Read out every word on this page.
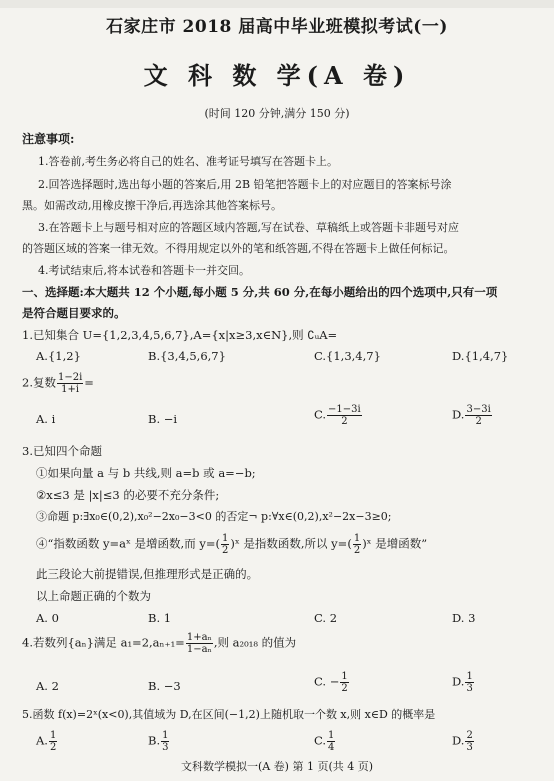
石家庄市 2018 届高中毕业班模拟考试(一)
文 科 数 学(A 卷)
(时间 120 分钟,满分 150 分)
注意事项:
1.答卷前,考生务必将自己的姓名、准考证号填写在答题卡上。
2.回答选择题时,选出每小题的答案后,用 2B 铅笔把答题卡上的对应题目的答案标号涂
黑。如需改动,用橡皮擦干净后,再选涂其他答案标号。
3.在答题卡上与题号相对应的答题区域内答题,写在试卷、草稿纸上或答题卡非题号对应
的答题区域的答案一律无效。不得用规定以外的笔和纸答题,不得在答题卡上做任何标记。
4.考试结束后,将本试卷和答题卡一并交回。
一、选择题:本大题共 12 个小题,每小题 5 分,共 60 分,在每小题给出的四个选项中,只有一项
是符合题目要求的。
1.已知集合 U={1,2,3,4,5,6,7},A={x|x≥3,x∈N},则 ∁ᵤA=
A.{1,2}	B.{3,4,5,6,7}	C.{1,3,4,7}	D.{1,4,7}
2.复数 $\frac{1-2i}{1+i}$ =
A. i	B. −i	C. $\frac{-1-3i}{2}$	D. $\frac{3-3i}{2}$
3.已知四个命题
①如果向量 a 与 b 共线,则 a=b 或 a=−b;
②x≤3 是 |x|≤3 的必要不充分条件;
③命题 p:∃x₀∈(0,2),x₀²−2x₀−3<0 的否定¬ p:∀x∈(0,2),x²−2x−3≥0;
④“指数函数 y=aˣ 是增函数,而 $y=( \frac{1}{2}$ )ˣ 是指数函数,所以 $y=( \frac{1}{2}$ )ˣ 是增函数”
此三段论大前提错误,但推理形式是正确的。
以上命题正确的个数为
A. 0	B. 1	C. 2	D. 3
4.若数列{aₙ}满足 $a_1=2,a_{n+1}= \frac{\text{1+aₙ}}{\text{1−aₙ}}$ ,则 a₂₀₁₈ 的值为
A. 2	B. −3	C. − $\frac{1}{2}$	D. $\frac{1}{3}$
5.函数 f(x)=2ˣ(x<0),其值域为 D,在区间(−1,2)上随机取一个数 x,则 x∈D 的概率是
A. $\frac{1}{2}$	B. $\frac{1}{3}$	C. $\frac{1}{4}$	D. $\frac{2}{3}$
文科数学模拟一(A 卷) 第 1 页(共 4 页)
